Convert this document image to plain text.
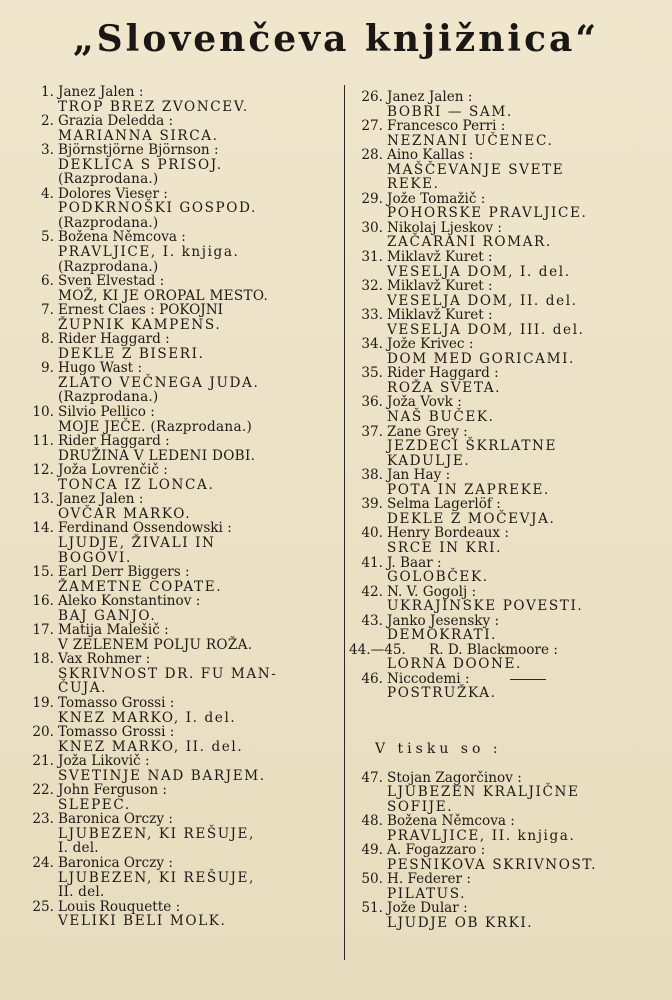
„Slovenčeva knjižnica“
1. Janez Jalen :
TROP BREZ ZVONCEV.
2. Grazia Deledda :
MARIANNA SIRCA.
3. Björnstjörne Björnson :
DEKLICA S PRISOJ.
(Razprodana.)
4. Dolores Vieser :
PODKRNOŠKI GOSPOD.
(Razprodana.)
5. Božena Němcova :
PRAVLJICE, I. knjiga.
(Razprodana.)
6. Sven Elvestad :
MOŽ, KI JE OROPAL MESTO.
7. Ernest Claes : POKOJNI
ŽUPNIK KAMPENS.
8. Rider Haggard :
DEKLE Z BISERI.
9. Hugo Wast :
ZLATO VEČNEGA JUDA.
(Razprodana.)
10. Silvio Pellico :
MOJE JEČE. (Razprodana.)
11. Rider Haggard :
DRUŽINA V LEDENI DOBI.
12. Joža Lovrenčič :
TONCA IZ LONCA.
13. Janez Jalen :
OVČAR MARKO.
14. Ferdinand Ossendowski :
LJUDJE, ŽIVALI IN
BOGOVI.
15. Earl Derr Biggers :
ŽAMETNE COPATE.
16. Aleko Konstantinov :
BAJ GANJO.
17. Matija Malešič :
V ZELENEM POLJU ROŽA.
18. Vax Rohmer :
SKRIVNOST DR. FU MAN-
ČUJA.
19. Tomasso Grossi :
KNEZ MARKO, I. del.
20. Tomasso Grossi :
KNEZ MARKO, II. del.
21. Joža Likovič :
SVETINJE NAD BARJEM.
22. John Ferguson :
SLEPEC.
23. Baronica Orczy :
LJUBEZEN, KI REŠUJE,
I. del.
24. Baronica Orczy :
LJUBEZEN, KI REŠUJE,
II. del.
25. Louis Rouquette :
VELIKI BELI MOLK.
26. Janez Jalen :
BOBRI — SAM.
27. Francesco Perri :
NEZNANI UČENEC.
28. Aino Kallas :
MAŠČEVANJE SVETE
REKE.
29. Jože Tomažič :
POHORSKE PRAVLJICE.
30. Nikolaj Ljeskov :
ZAČARANI ROMAR.
31. Miklavž Kuret :
VESELJA DOM, I. del.
32. Miklavž Kuret :
VESELJA DOM, II. del.
33. Miklavž Kuret :
VESELJA DOM, III. del.
34. Jože Krivec :
DOM MED GORICAMI.
35. Rider Haggard :
ROŽA SVETA.
36. Joža Vovk :
NAŠ BUČEK.
37. Zane Grey :
JEZDECI ŠKRLATNE
KADULJE.
38. Jan Hay :
POTA IN ZAPREKE.
39. Selma Lagerlöf :
DEKLE Z MOČEVJA.
40. Henry Bordeaux :
SRCE IN KRI.
41. J. Baar :
GOLOBČEK.
42. N. V. Gogolj :
UKRAJINSKE POVESTI.
43. Janko Jesensky :
DEMOKRATI.
44.—45. R. D. Blackmoore :
LORNA DOONE.
46. Niccodemi :
POSTRUŽKA.
V tisku so :
47. Stojan Zagorčinov :
LJUBEZEN KRALJIČNE
SOFIJE.
48. Božena Němcova :
PRAVLJICE, II. knjiga.
49. A. Fogazzaro :
PESNIKOVA SKRIVNOST.
50. H. Federer :
PILATUS.
51. Jože Dular :
LJUDJE OB KRKI.
